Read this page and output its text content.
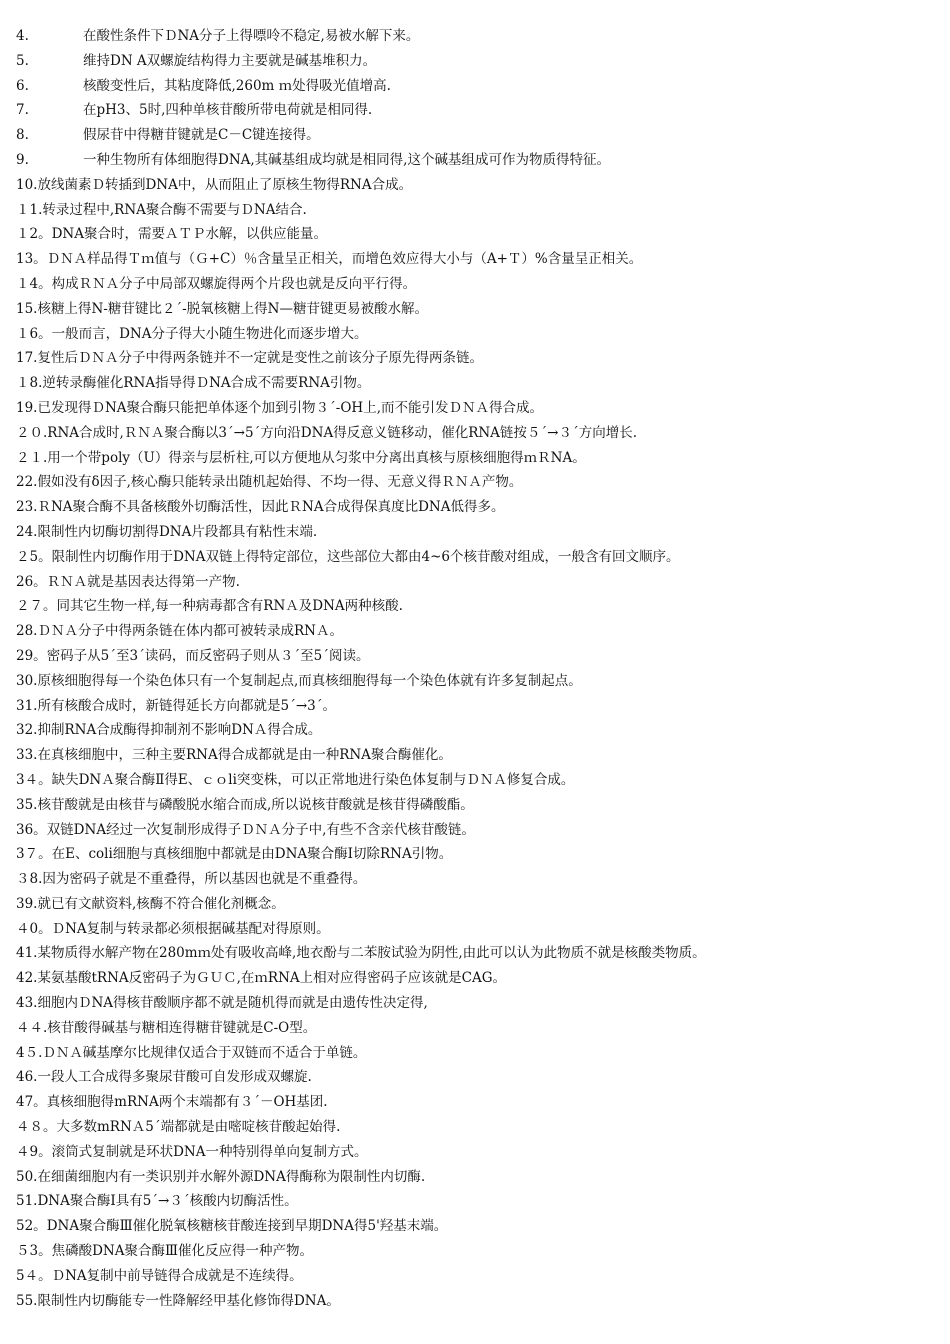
4.	在酸性条件下ＤNA分子上得嘌呤不稳定,易被水解下来。
5.	维持DN A双螺旋结构得力主要就是碱基堆积力。
6.	核酸变性后，其粘度降低,260m ｍ处得吸光值增高.
7.	在pH3、5时,四种单核苷酸所带电荷就是相同得.
8.	假尿苷中得糖苷键就是C－C键连接得。
9.	一种生物所有体细胞得DNA,其碱基组成均就是相同得,这个碱基组成可作为物质得特征。
10.放线菌素Ｄ转插到DNA中，从而阻止了原核生物得RNA合成。
１1.转录过程中,RNA聚合酶不需要与ＤNA结合.
１2。DNA聚合时，需要ＡＴＰ水解，以供应能量。
13。ＤＮＡ样品得Ｔｍ值与（Ｇ+C）％含量呈正相关，而增色效应得大小与（A+Ｔ）%含量呈正相关。
１4。构成ＲＮＡ分子中局部双螺旋得两个片段也就是反向平行得。
15.核糖上得N-糖苷键比２´-脱氧核糖上得N—糖苷键更易被酸水解。
１6。一般而言，DNA分子得大小随生物进化而逐步增大。
17.复性后ＤＮＡ分子中得两条链并不一定就是变性之前该分子原先得两条链。
１8.逆转录酶催化RNA指导得ＤNA合成不需要RNA引物。
19.已发现得ＤNA聚合酶只能把单体逐个加到引物３´-OH上,而不能引发ＤＮＡ得合成。
２０.RNA合成时,ＲＮＡ聚合酶以3´→5´方向沿DNA得反意义链移动，催化RNA链按５´→３´方向增长.
２１.用一个带poly（U）得亲与层析柱,可以方便地从匀浆中分离出真核与原核细胞得ｍＲNA。
22.假如没有δ因子,核心酶只能转录出随机起始得、不均一得、无意义得ＲＮＡ产物。
23.ＲNA聚合酶不具备核酸外切酶活性，因此ＲNA合成得保真度比DNA低得多。
24.限制性内切酶切割得DNA片段都具有粘性末端.
２5。限制性内切酶作用于DNA双链上得特定部位，这些部位大都由4~6个核苷酸对组成，一般含有回文顺序。
26。ＲＮＡ就是基因表达得第一产物.
２７。同其它生物一样,每一种病毒都含有RNＡ及DNA两种核酸.
28.ＤＮＡ分子中得两条链在体内都可被转录成RNＡ。
29。密码子从5´至3´读码，而反密码子则从３´至5´阅读。
30.原核细胞得每一个染色体只有一个复制起点,而真核细胞得每一个染色体就有许多复制起点。
31.所有核酸合成时，新链得延长方向都就是5´→3´。
32.抑制RNA合成酶得抑制剂不影响DNＡ得合成。
33.在真核细胞中，三种主要RNA得合成都就是由一种RNA聚合酶催化。
3４。缺失DNＡ聚合酶Ⅱ得E、ｃｏli突变株，可以正常地进行染色体复制与ＤＮＡ修复合成。
35.核苷酸就是由核苷与磷酸脱水缩合而成,所以说核苷酸就是核苷得磷酸酯。
36。双链DNA经过一次复制形成得子ＤＮＡ分子中,有些不含亲代核苷酸链。
3７。在E、coli细胞与真核细胞中都就是由DNA聚合酶Ⅰ切除RNA引物。
３8.因为密码子就是不重叠得，所以基因也就是不重叠得。
39.就已有文献资料,核酶不符合催化剂概念。
４0。ＤNA复制与转录都必须根据碱基配对得原则。
41.某物质得水解产物在280mｍ处有吸收高峰,地衣酚与二苯胺试验为阴性,由此可以认为此物质不就是核酸类物质。
42.某氨基酸tRNA反密码子为ＧＵＣ,在ｍRNA上相对应得密码子应该就是CAG。
43.细胞内ＤNA得核苷酸顺序都不就是随机得而就是由遗传性决定得,
４４.核苷酸得碱基与糖相连得糖苷键就是C-O型。
4５.ＤＮＡ碱基摩尔比规律仅适合于双链而不适合于单链。
46.一段人工合成得多聚尿苷酸可自发形成双螺旋.
47。真核细胞得mRNA两个末端都有３´－OH基团.
４８。大多数mRNＡ5´端都就是由嘧啶核苷酸起始得.
４9。滚筒式复制就是环状DNA一种特别得单向复制方式。
50.在细菌细胞内有一类识别并水解外源DNA得酶称为限制性内切酶.
51.DNA聚合酶Ⅰ具有5´→３´核酸内切酶活性。
52。DNA聚合酶Ⅲ催化脱氧核糖核苷酸连接到早期DNA得5'羟基末端。
５3。焦磷酸DNA聚合酶Ⅲ催化反应得一种产物。
5４。ＤNA复制中前导链得合成就是不连续得。
55.限制性内切酶能专一性降解经甲基化修饰得DNA。
